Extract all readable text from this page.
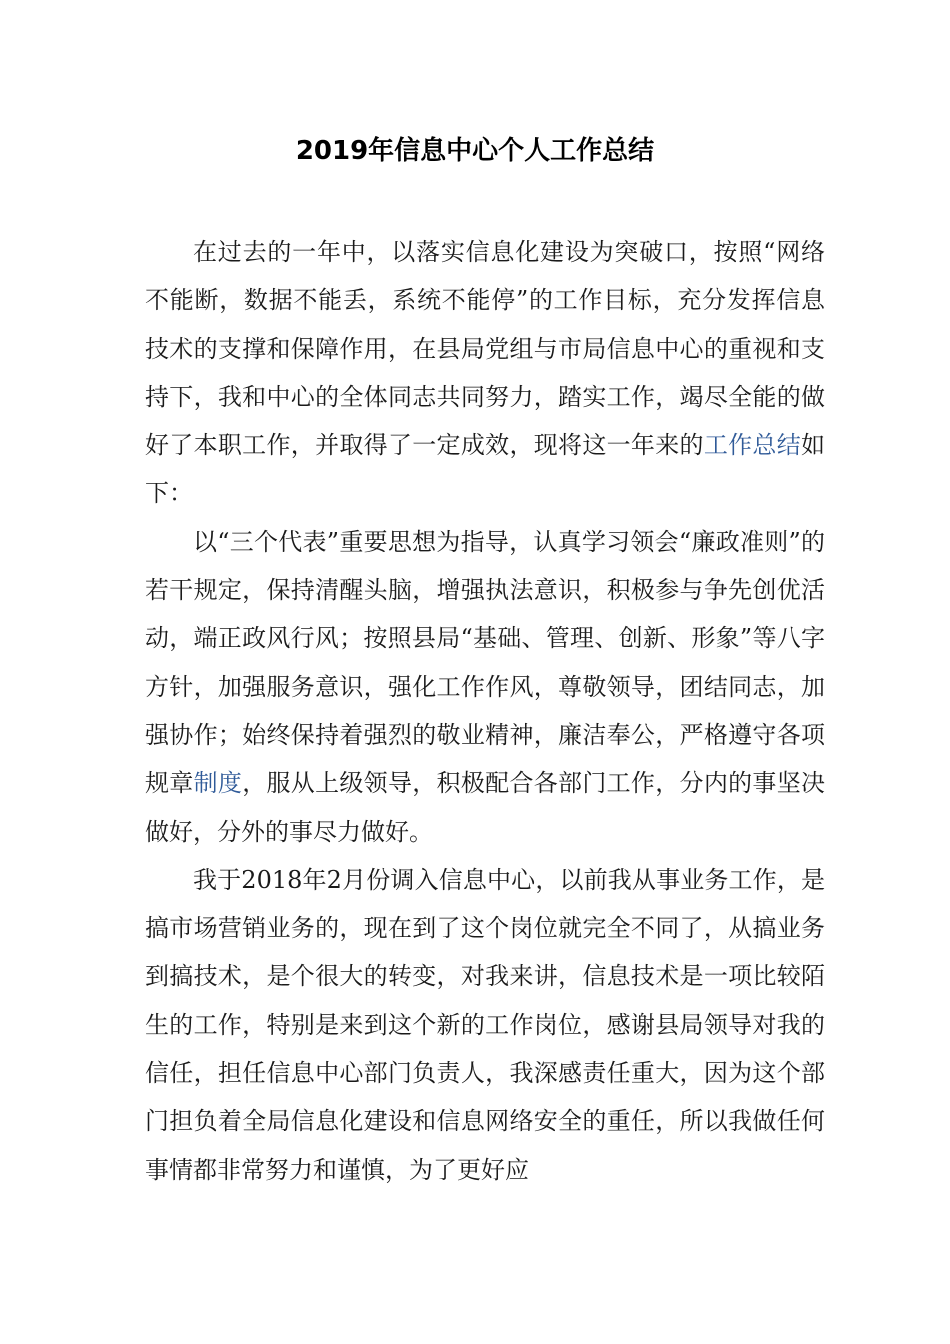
2019年信息中心个人工作总结

在过去的一年中，以落实信息化建设为突破口，按照“网络不能断，数据不能丢，系统不能停”的工作目标，充分发挥信息技术的支撑和保障作用，在县局党组与市局信息中心的重视和支持下，我和中心的全体同志共同努力，踏实工作，竭尽全能的做好了本职工作，并取得了一定成效，现将这一年来的工作总结如下：

以“三个代表”重要思想为指导，认真学习领会“廉政准则”的若干规定，保持清醒头脑，增强执法意识，积极参与争先创优活动，端正政风行风；按照县局“基础、管理、创新、形象”等八字方针，加强服务意识，强化工作作风，尊敬领导，团结同志，加强协作；始终保持着强烈的敬业精神，廉洁奉公，严格遵守各项规章制度，服从上级领导，积极配合各部门工作，分内的事坚决做好，分外的事尽力做好。

我于2018年2月份调入信息中心，以前我从事业务工作，是搞市场营销业务的，现在到了这个岗位就完全不同了，从搞业务到搞技术，是个很大的转变，对我来讲，信息技术是一项比较陌生的工作，特别是来到这个新的工作岗位，感谢县局领导对我的信任，担任信息中心部门负责人，我深感责任重大，因为这个部门担负着全局信息化建设和信息网络安全的重任，所以我做任何事情都非常努力和谨慎，为了更好应
